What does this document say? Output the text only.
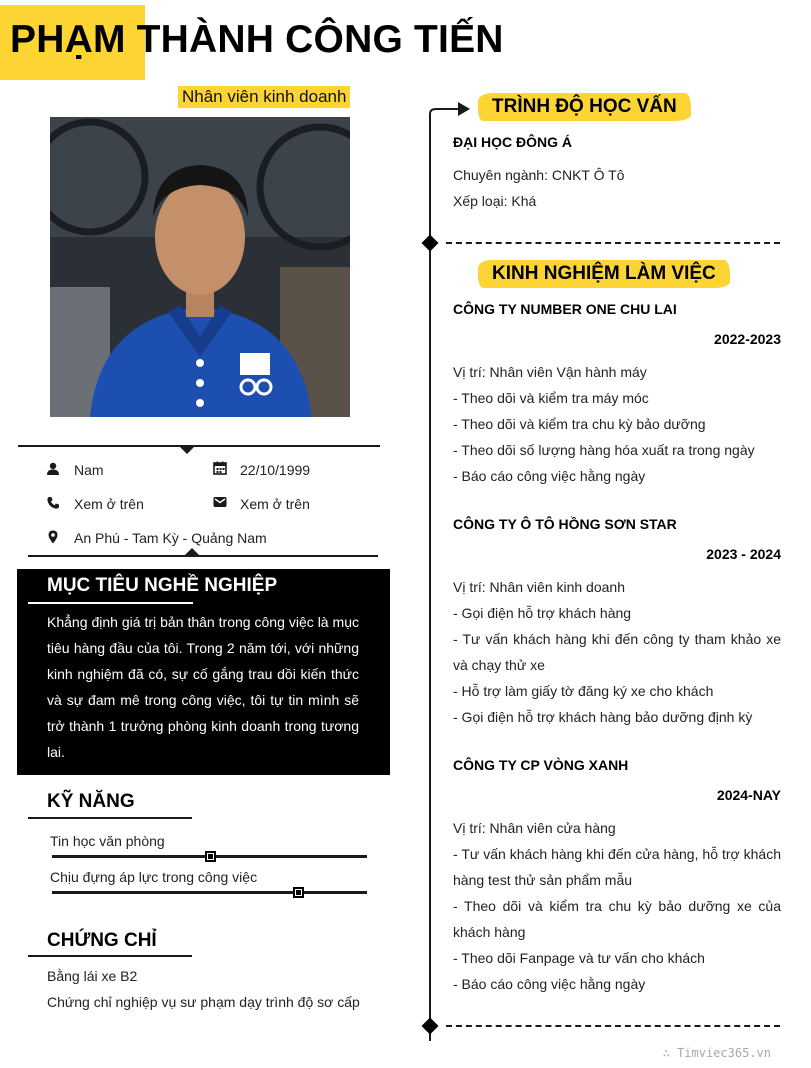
PHẠM THÀNH CÔNG TIẾN
Nhân viên kinh doanh
Nam	22/10/1999
Xem ở trên	Xem ở trên
An Phú - Tam Kỳ - Quảng Nam
MỤC TIÊU NGHỀ NGHIỆP
Khẳng định giá trị bản thân trong công việc là mục tiêu hàng đầu của tôi. Trong 2 năm tới, với những kinh nghiệm đã có, sự cố gắng trau dồi kiến thức và sự đam mê trong công việc, tôi tự tin mình sẽ trở thành 1 trưởng phòng kinh doanh trong tương lai.
KỸ NĂNG
Tin học văn phòng
Chịu đựng áp lực trong công việc
CHỨNG CHỈ
Bằng lái xe B2
Chứng chỉ nghiệp vụ sư phạm dạy trình độ sơ cấp
TRÌNH ĐỘ HỌC VẤN
ĐẠI HỌC ĐÔNG Á
Chuyên ngành: CNKT Ô Tô
Xếp loại: Khá
KINH NGHIỆM LÀM VIỆC
CÔNG TY NUMBER ONE CHU LAI
2022-2023
Vị trí: Nhân viên Vận hành máy
- Theo dõi và kiểm tra máy móc
- Theo dõi và kiểm tra chu kỳ bảo dưỡng
- Theo dõi số lượng hàng hóa xuất ra trong ngày
- Báo cáo công việc hằng ngày
CÔNG TY Ô TÔ HỒNG SƠN STAR
2023 - 2024
Vị trí: Nhân viên kinh doanh
- Gọi điện hỗ trợ khách hàng
- Tư vấn khách hàng khi đến công ty tham khảo xe và chạy thử xe
- Hỗ trợ làm giấy tờ đăng ký xe cho khách
- Gọi điện hỗ trợ khách hàng bảo dưỡng định kỳ
CÔNG TY CP VÒNG XANH
2024-NAY
Vị trí: Nhân viên cửa hàng
- Tư vấn khách hàng khi đến cửa hàng, hỗ trợ khách hàng test thử sản phẩm mẫu
- Theo dõi và kiểm tra chu kỳ bảo dưỡng xe của khách hàng
- Theo dõi Fanpage và tư vấn cho khách
- Báo cáo công việc hằng ngày
∴ Timviec365.vn
